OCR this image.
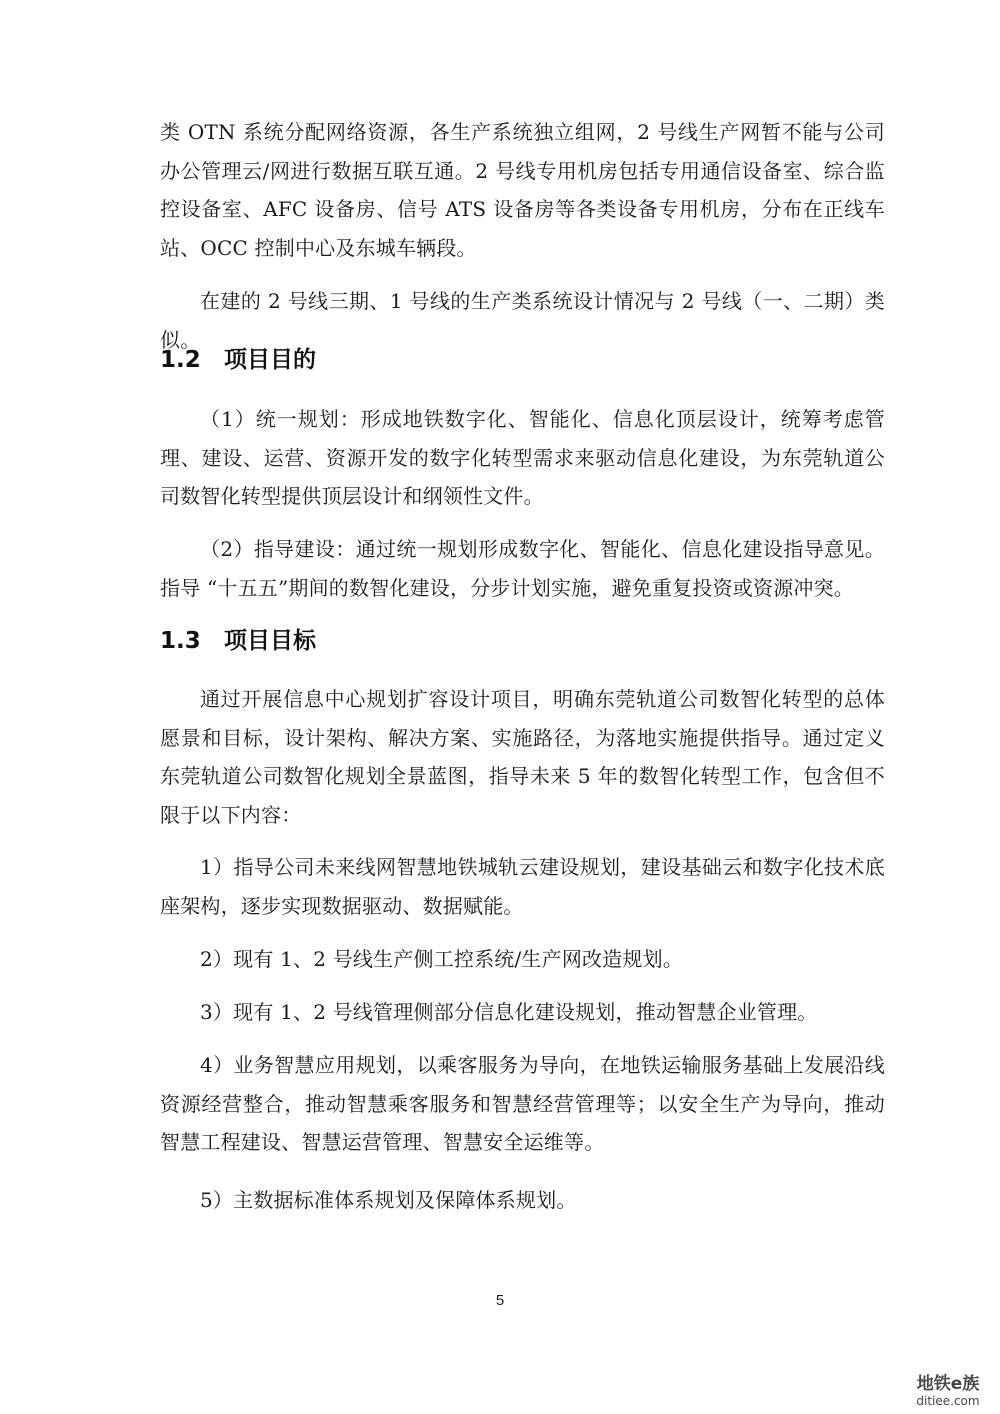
类 OTN 系统分配网络资源，各生产系统独立组网，2 号线生产网暂不能与公司办公管理云/网进行数据互联互通。2 号线专用机房包括专用通信设备室、综合监控设备室、AFC 设备房、信号 ATS 设备房等各类设备专用机房，分布在正线车站、OCC 控制中心及东城车辆段。

在建的 2 号线三期、1 号线的生产类系统设计情况与 2 号线（一、二期）类似。

1.2 项目目的

（1）统一规划：形成地铁数字化、智能化、信息化顶层设计，统筹考虑管理、建设、运营、资源开发的数字化转型需求来驱动信息化建设，为东莞轨道公司数智化转型提供顶层设计和纲领性文件。

（2）指导建设：通过统一规划形成数字化、智能化、信息化建设指导意见。指导 “十五五”期间的数智化建设，分步计划实施，避免重复投资或资源冲突。

1.3 项目目标

通过开展信息中心规划扩容设计项目，明确东莞轨道公司数智化转型的总体愿景和目标，设计架构、解决方案、实施路径，为落地实施提供指导。通过定义东莞轨道公司数智化规划全景蓝图，指导未来 5 年的数智化转型工作，包含但不限于以下内容：

1）指导公司未来线网智慧地铁城轨云建设规划，建设基础云和数字化技术底座架构，逐步实现数据驱动、数据赋能。

2）现有 1、2 号线生产侧工控系统/生产网改造规划。

3）现有 1、2 号线管理侧部分信息化建设规划，推动智慧企业管理。

4）业务智慧应用规划，以乘客服务为导向，在地铁运输服务基础上发展沿线资源经营整合，推动智慧乘客服务和智慧经营管理等；以安全生产为导向，推动智慧工程建设、智慧运营管理、智慧安全运维等。

5）主数据标准体系规划及保障体系规划。

5
地铁e族
ditiee.com
